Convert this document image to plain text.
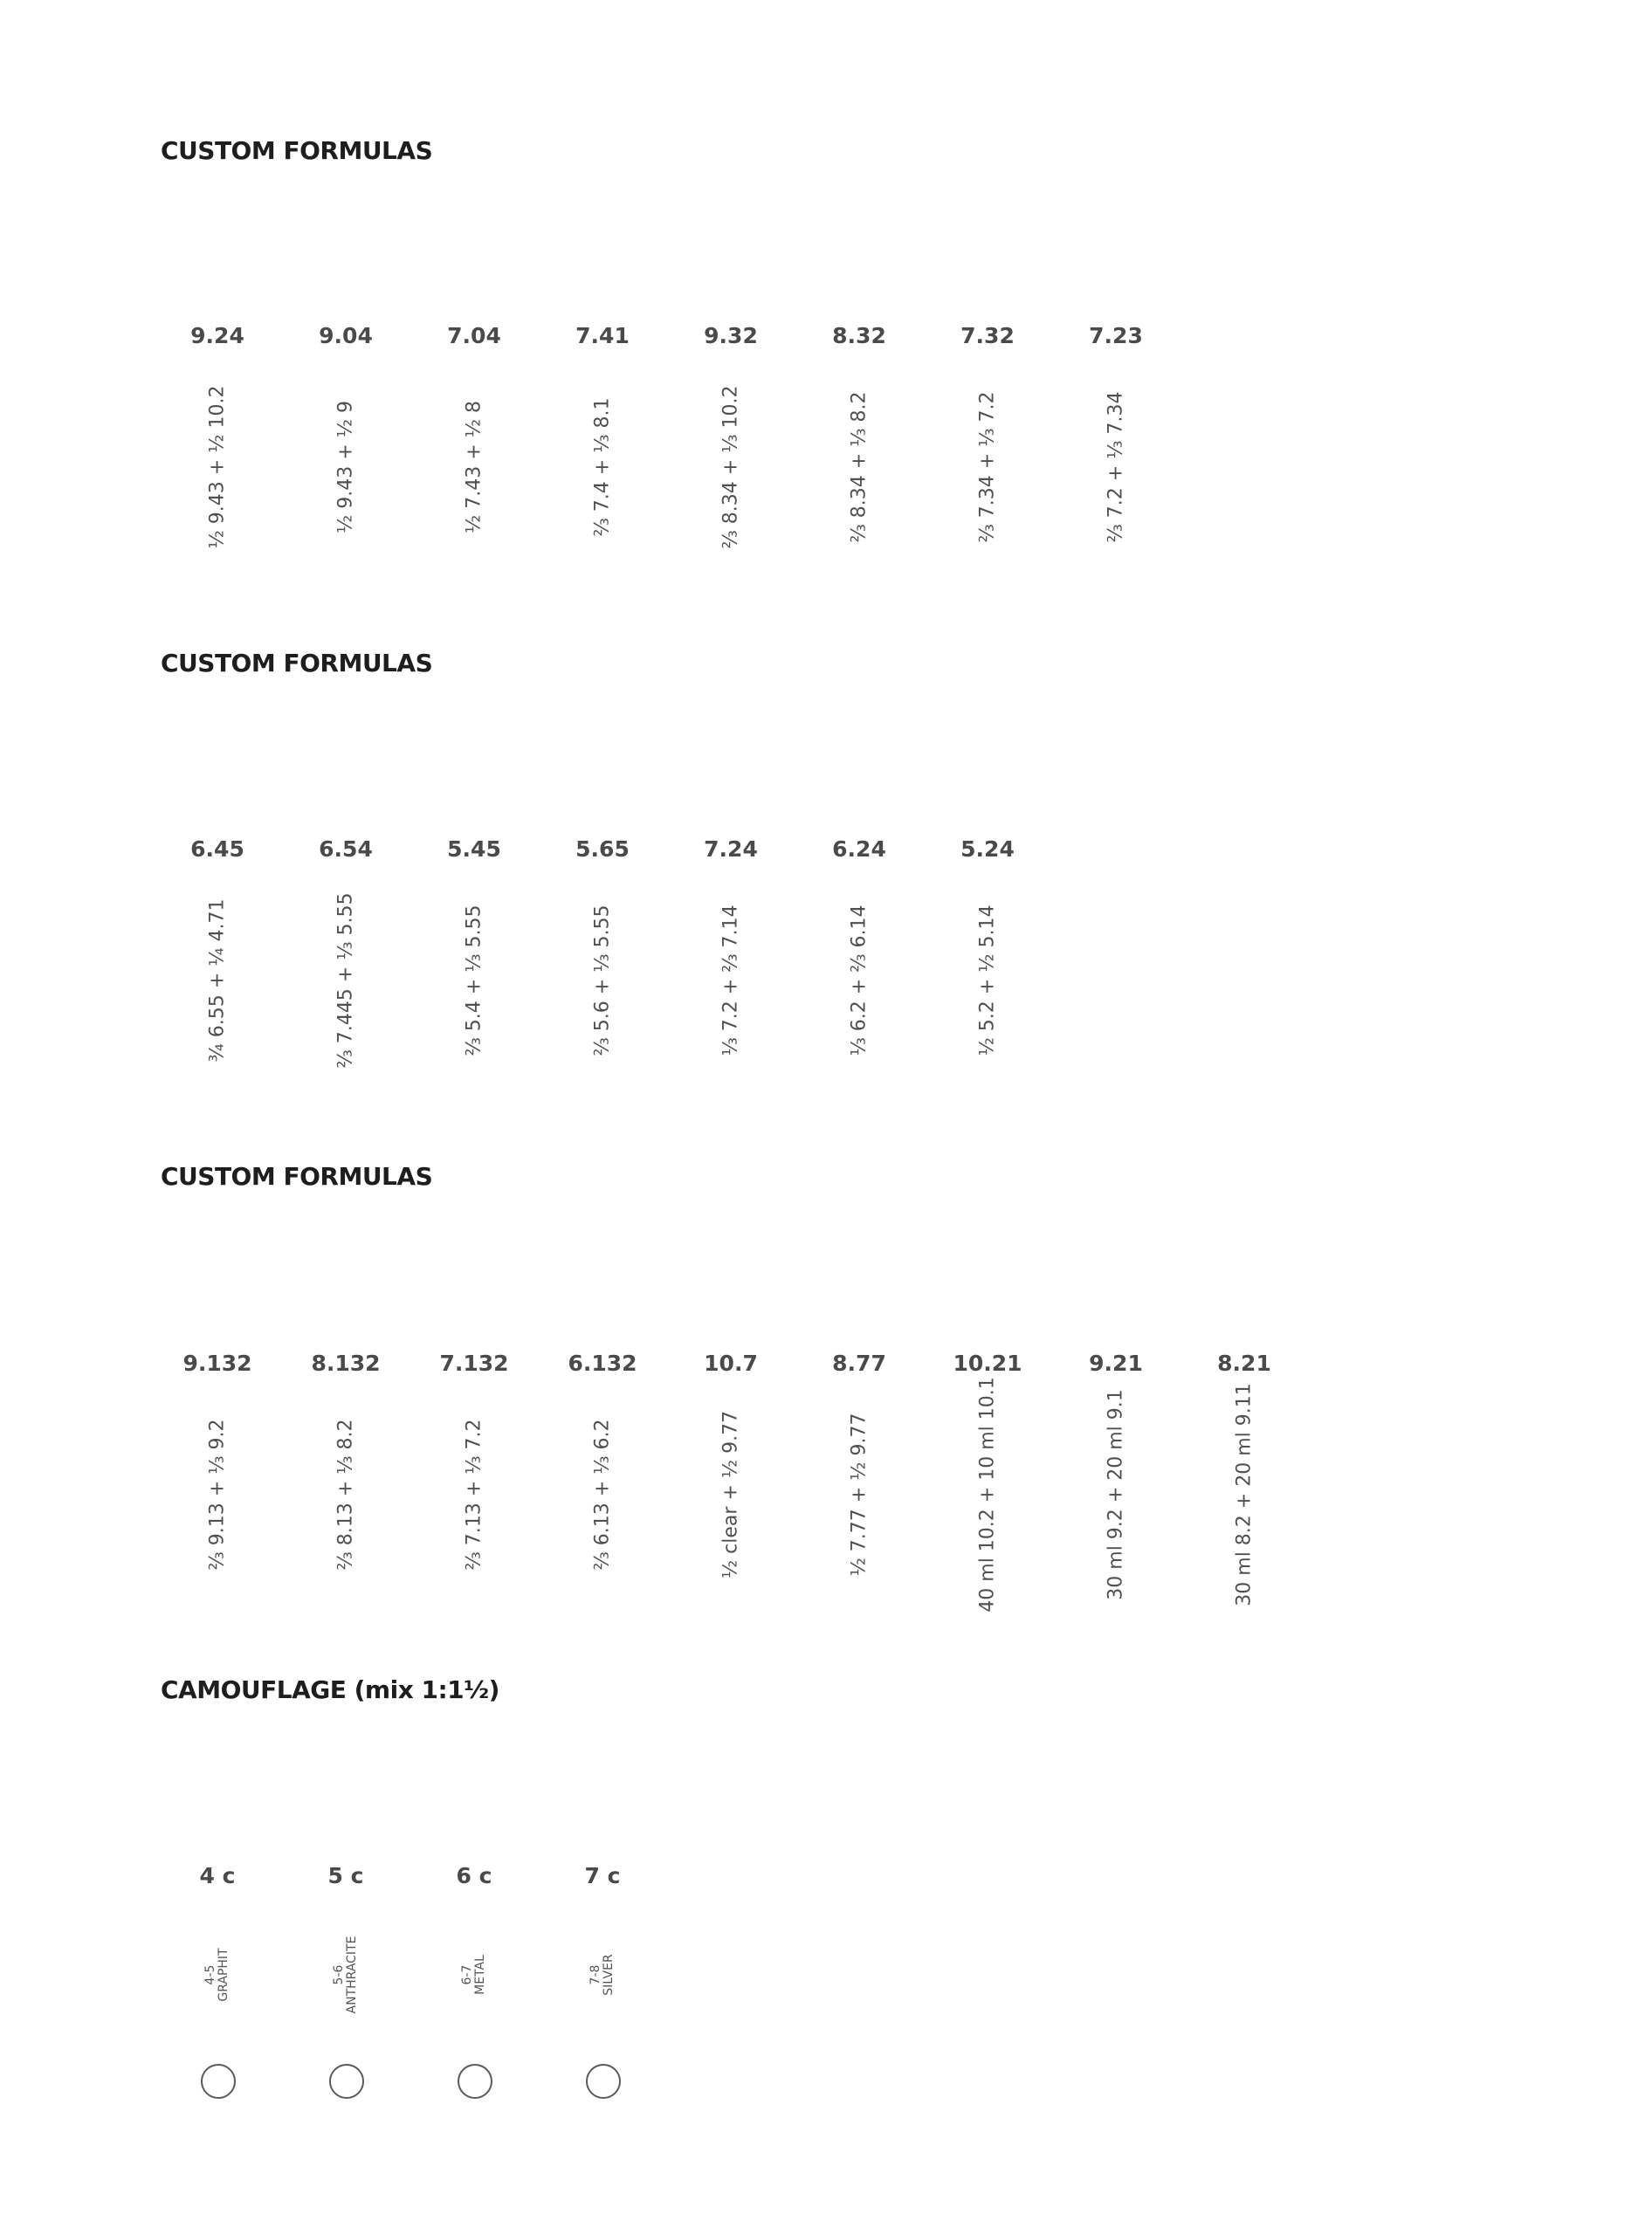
CUSTOM FORMULAS
9.24
½ 9.43 + ½ 10.2
9.04
½ 9.43 + ½ 9
7.04
½ 7.43 + ½ 8
7.41
⅔ 7.4 + ⅓ 8.1
9.32
⅔ 8.34 + ⅓ 10.2
8.32
⅔ 8.34 + ⅓ 8.2
7.32
⅔ 7.34 + ⅓ 7.2
7.23
⅔ 7.2 + ⅓ 7.34
CUSTOM FORMULAS
6.45
¾ 6.55 + ¼ 4.71
6.54
⅔ 7.445 + ⅓ 5.55
5.45
⅔ 5.4 + ⅓ 5.55
5.65
⅔ 5.6 + ⅓ 5.55
7.24
⅓ 7.2 + ⅔ 7.14
6.24
⅓ 6.2 + ⅔ 6.14
5.24
½ 5.2 + ½ 5.14
CUSTOM FORMULAS
9.132
⅔ 9.13 + ⅓ 9.2
8.132
⅔ 8.13 + ⅓ 8.2
7.132
⅔ 7.13 + ⅓ 7.2
6.132
⅔ 6.13 + ⅓ 6.2
10.7
½ clear + ½ 9.77
8.77
½ 7.77 + ½ 9.77
10.21
40 ml 10.2 + 10 ml 10.1
9.21
30 ml 9.2 + 20 ml 9.1
8.21
30 ml 8.2 + 20 ml 9.11
CAMOUFLAGE (mix 1:1½)
4 c
4-5 GRAPHIT
5 c
5-6 ANTHRACITE
6 c
6-7 METAL
7 c
7-8 SILVER
